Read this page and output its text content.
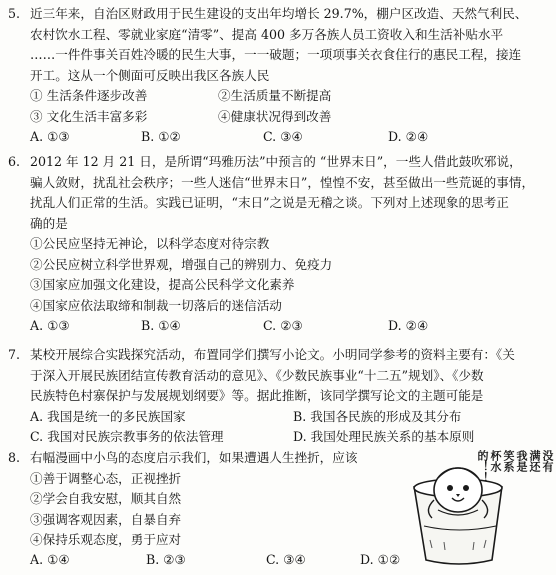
5. 近三年来，自治区财政用于民生建设的支出年均增长 29.7%，棚户区改造、天然气利民、
农村饮水工程、零就业家庭“清零”、提高 400 多万各族人员工资收入和生活补贴水平
……一件件事关百姓冷暖的民生大事，一一破题；一项项事关衣食住行的惠民工程，接连
开工。这从一个侧面可反映出我区各族人民
① 生活条件逐步改善	②生活质量不断提高
③ 文化生活丰富多彩	④健康状况得到改善
A. ①③	B. ①②	C. ③④	D. ②④
6. 2012 年 12 月 21 日，是所谓“玛雅历法”中预言的 “世界末日”，一些人借此鼓吹邪说，
骗人敛财，扰乱社会秩序；一些人迷信“世界末日”，惶惶不安，甚至做出一些荒诞的事情，
扰乱人们正常的生活。实践已证明，“末日”之说是无稽之谈。下列对上述现象的思考正
确的是
①公民应坚持无神论，以科学态度对待宗教
②公民应树立科学世界观，增强自己的辨别力、免疫力
③国家应加强文化建设，提高公民科学文化素养
④国家应依法取缔和制裁一切落后的迷信活动
A. ①③	B. ①④	C. ②③	D. ②④
7. 某校开展综合实践探究活动，布置同学们撰写小论文。小明同学参考的资料主要有：《关
于深入开展民族团结宣传教育活动的意见》、《少数民族事业“十二五”规划》、《少数
民族特色村寨保护与发展规划纲要》等。据此推断，该同学撰写论文的主题可能是
A. 我国是统一的多民族国家	B. 我国各民族的形成及其分布
C. 我国对民族宗教事务的依法管理	D. 我国处理民族关系的基本原则
8. 右幅漫画中小鸟的态度启示我们，如果遭遇人生挫折，应该
①善于调整心态，正视挫折
②学会自我安慰，顺其自然
③强调客观因素，自暴自弃
④保持乐观态度，勇于应对
A. ①④	B. ②③	C. ③④	D. ①②
没有
满还
我是
笑系
杯水
的！！
